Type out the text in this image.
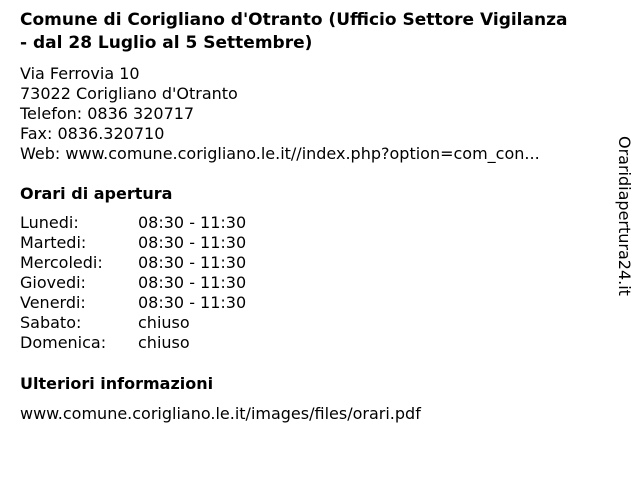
Comune di Corigliano d'Otranto (Ufficio Settore Vigilanza - dal 28 Luglio al 5 Settembre)
Via Ferrovia 10
73022 Corigliano d'Otranto
Telefon: 0836 320717
Fax: 0836.320710
Web: www.comune.corigliano.le.it//index.php?option=com_con...
Orari di apertura
Lunedi:	08:30 - 11:30
Martedi:	08:30 - 11:30
Mercoledi:	08:30 - 11:30
Giovedi:	08:30 - 11:30
Venerdi:	08:30 - 11:30
Sabato:	chiuso
Domenica:	chiuso
Ulteriori informazioni
www.comune.corigliano.le.it/images/files/orari.pdf
Oraridiapertura24.it
